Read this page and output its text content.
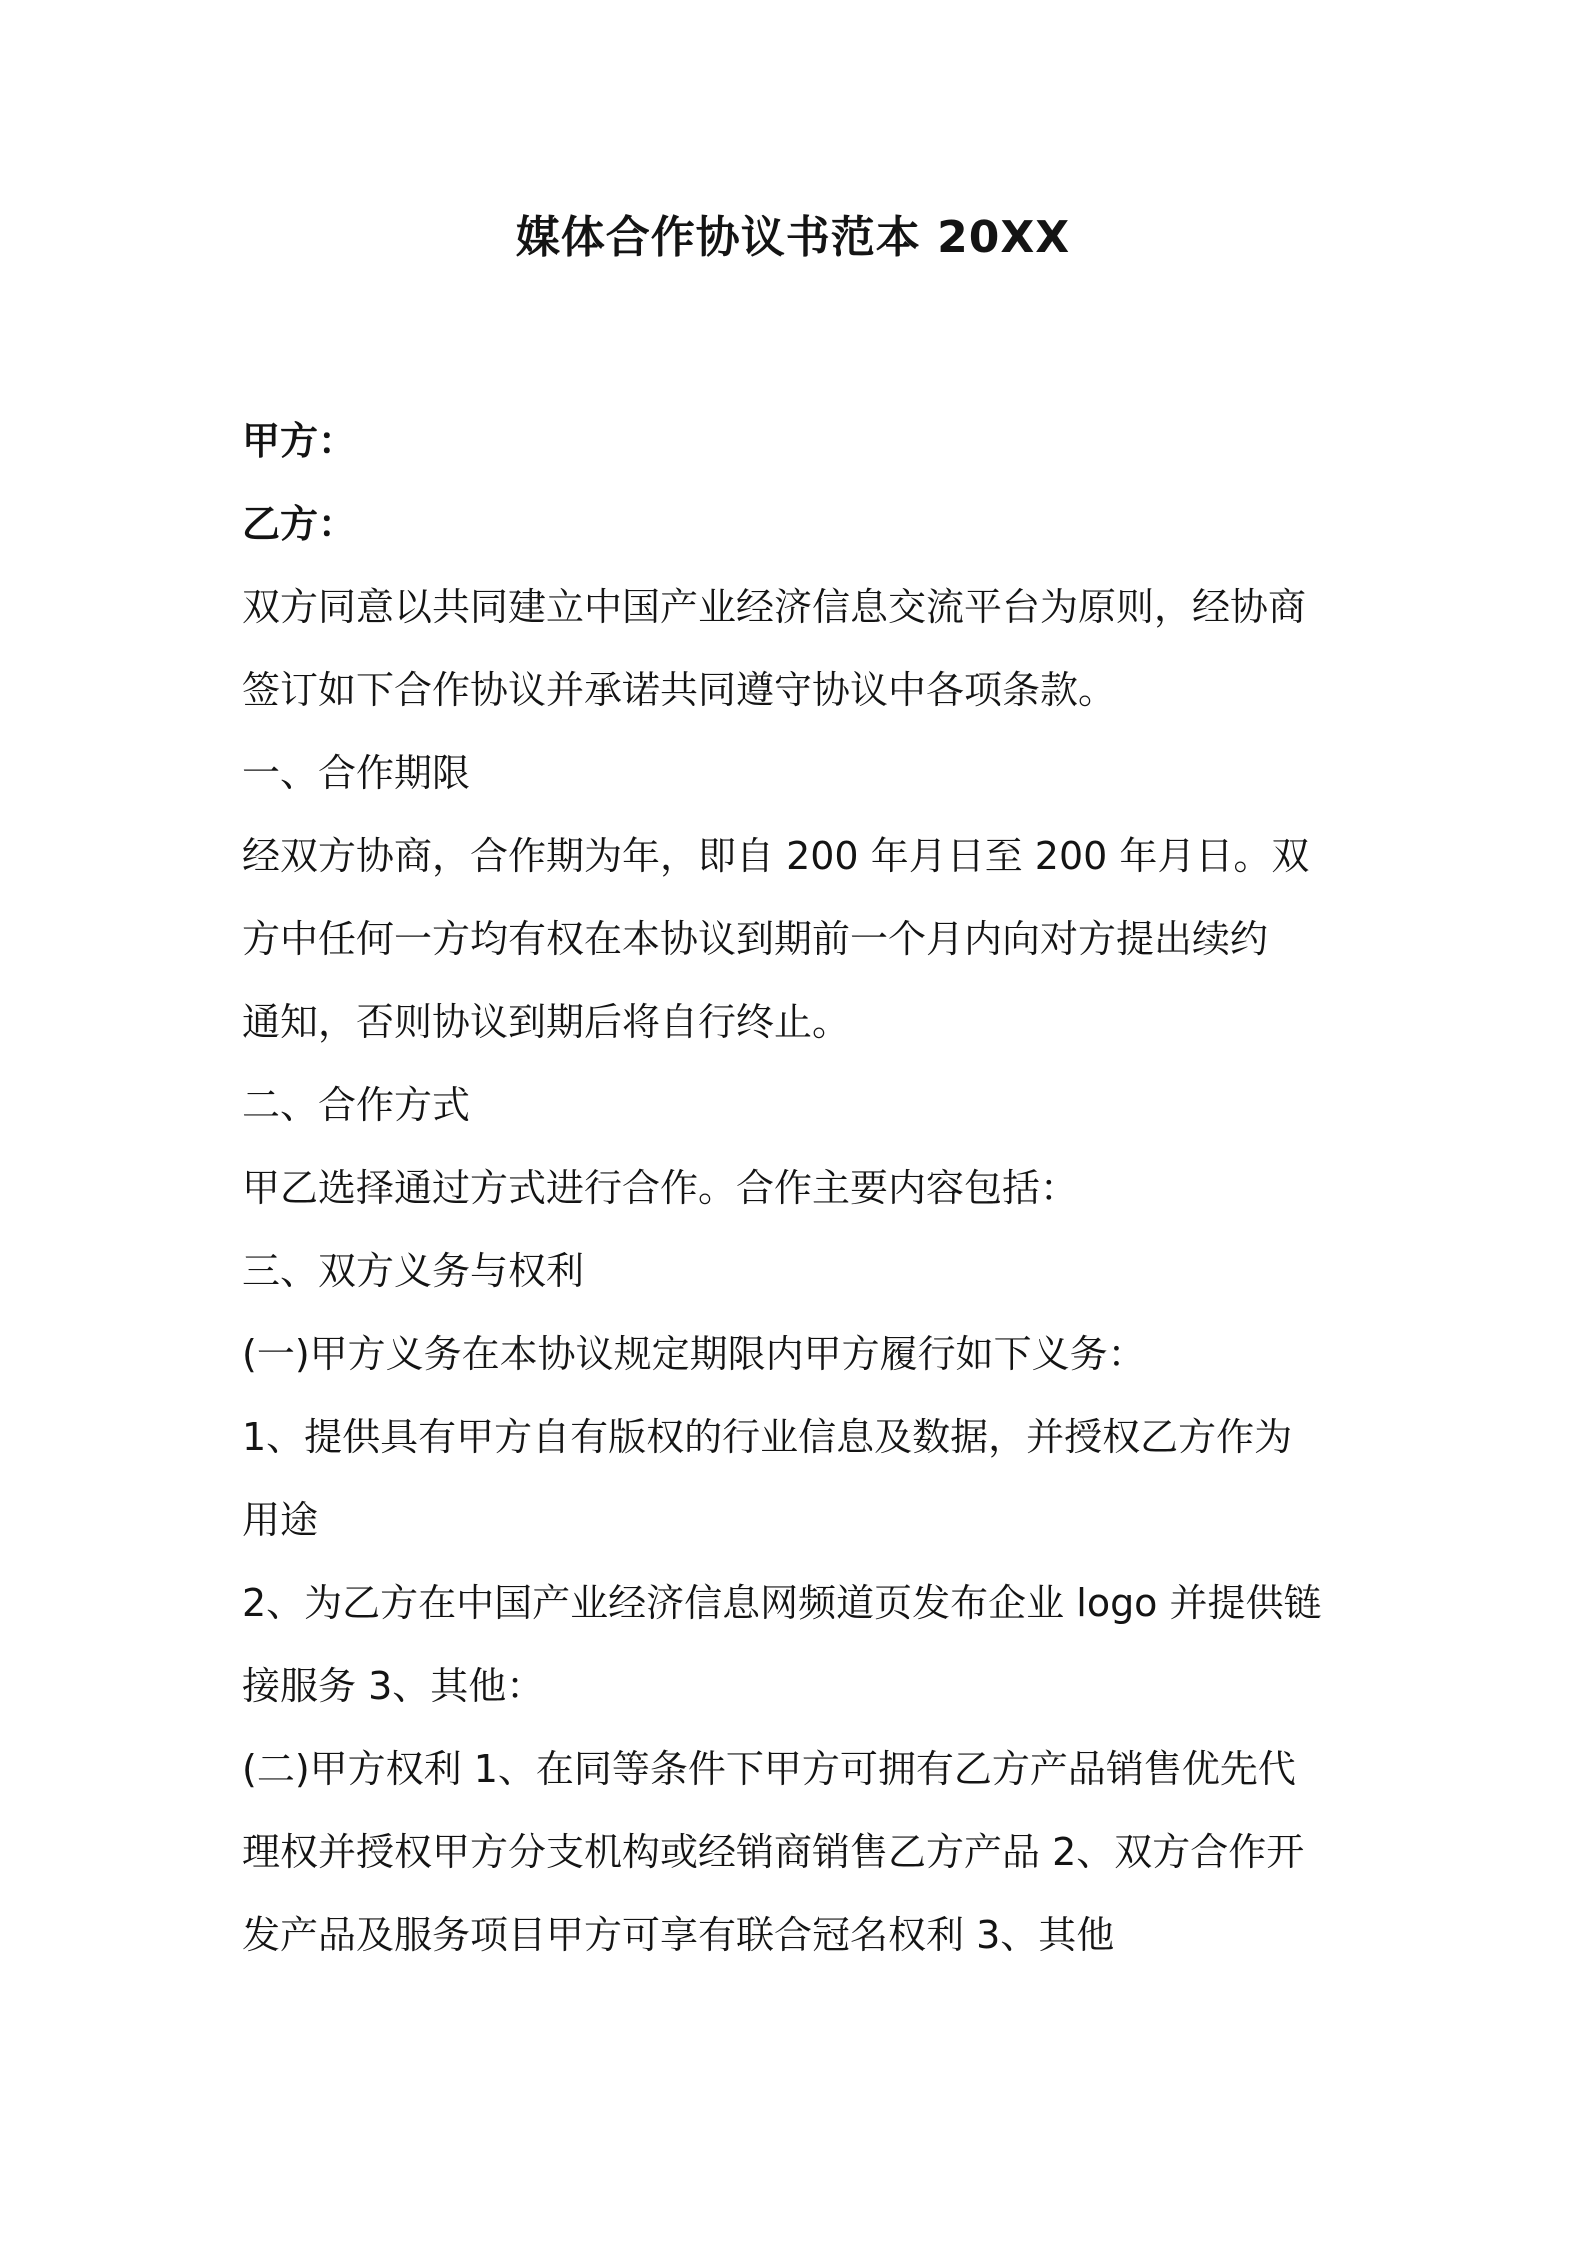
媒体合作协议书范本 20XX
甲方：
乙方：
双方同意以共同建立中国产业经济信息交流平台为原则，经协商
签订如下合作协议并承诺共同遵守协议中各项条款。
一、合作期限
经双方协商，合作期为年，即自 200 年月日至 200 年月日。双
方中任何一方均有权在本协议到期前一个月内向对方提出续约
通知，否则协议到期后将自行终止。
二、合作方式
甲乙选择通过方式进行合作。合作主要内容包括：
三、双方义务与权利
(一)甲方义务在本协议规定期限内甲方履行如下义务：
1、提供具有甲方自有版权的行业信息及数据，并授权乙方作为
用途
2、为乙方在中国产业经济信息网频道页发布企业 logo 并提供链
接服务 3、其他：
(二)甲方权利 1、在同等条件下甲方可拥有乙方产品销售优先代
理权并授权甲方分支机构或经销商销售乙方产品 2、双方合作开
发产品及服务项目甲方可享有联合冠名权利 3、其他
